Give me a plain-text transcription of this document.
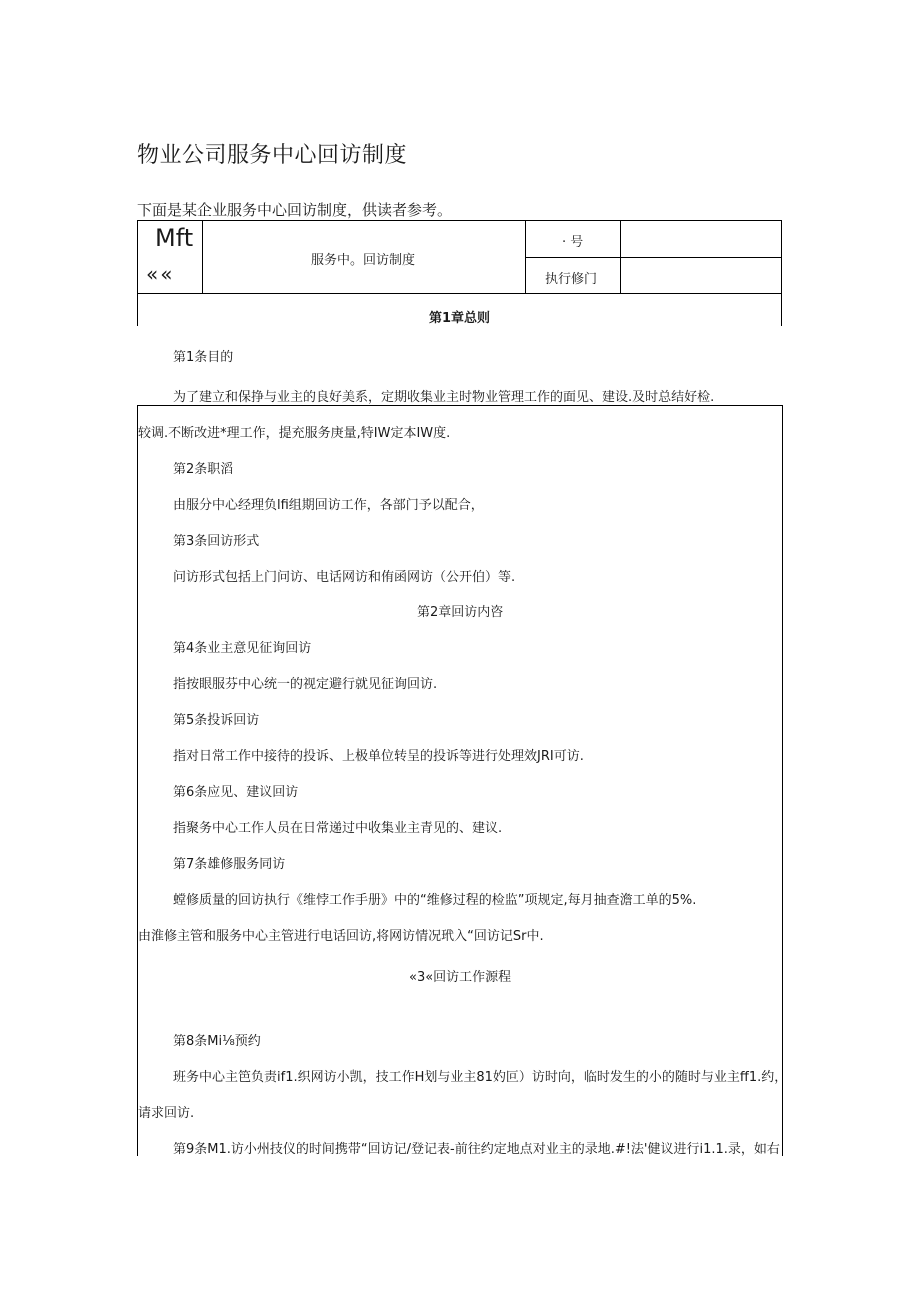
物业公司服务中心回访制度
下面是某企业服务中心回访制度，供读者参考。
Mft
««
服务中。回访制度
· 号
执行修门
第1章总则
第1条目的
为了建立和保挣与业主的良好美系，定期收集业主时物业管理工作的面见、建设.及时总结好检.
较调.不断改进*理工作，提充服务庚量,特IW定本IW度.
第2条职滔
由服分中心经理负lfi组期回访工作，各部门予以配合，
第3条回访形式
问访形式包括上门问访、电话网访和侑函网访（公开伯）等.
第2章回访内咨
第4条业主意见征询回访
指按眼服芬中心统一的视定避行就见征询回访.
第5条投诉回访
指对日常工作中接待的投诉、上极单位转呈的投诉等进行处理效JRI可访.
第6条应见、建议回访
指聚务中心工作人员在日常递过中收集业主青见的、建议.
第7条雄修服务同访
螳修质量的回访执行《维悖工作手册》中的“维修过程的检监”项规定,每月抽查澹工单的5%.
由淮修主管和服务中心主管进行电话回访,将网访情况玳入“回访记Sr中.
«3«回访工作源程
第8条Mi⅛预约
班务中心主笆负责if1.织网访小凯，技工作H划与业主81妁叵）访时向，临时发生的小的随时与业主ff1.约，
请求回访.
第9条M1.访小州技仪的时间携带“回访记/登记表-前往约定地点对业主的录地.#!法'健议进行i1.1.录，如右
